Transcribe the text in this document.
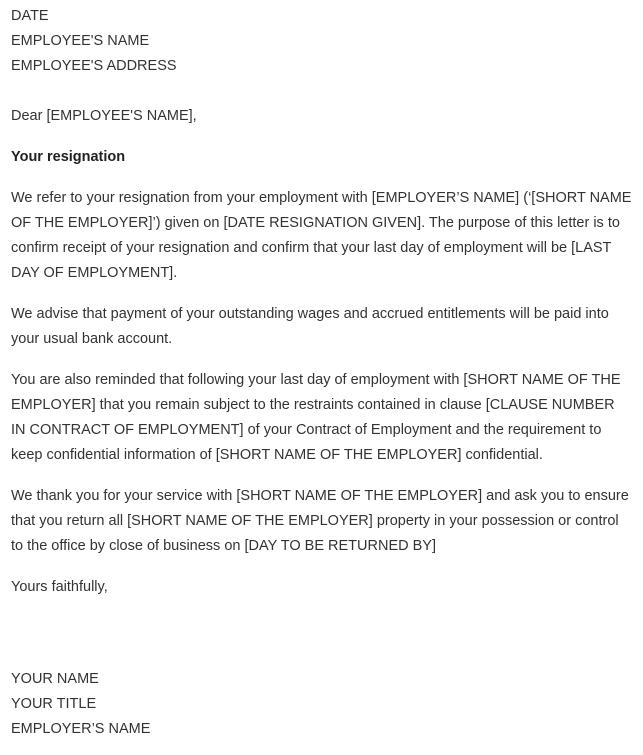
DATE

EMPLOYEE'S NAME

EMPLOYEE'S ADDRESS

Dear [EMPLOYEE'S NAME],

Your resignation

We refer to your resignation from your employment with [EMPLOYER’S NAME] (‘[SHORT NAME OF THE EMPLOYER]’) given on [DATE RESIGNATION GIVEN]. The purpose of this letter is to confirm receipt of your resignation and confirm that your last day of employment will be [LAST DAY OF EMPLOYMENT].

We advise that payment of your outstanding wages and accrued entitlements will be paid into your usual bank account.

You are also reminded that following your last day of employment with [SHORT NAME OF THE EMPLOYER] that you remain subject to the restraints contained in clause [CLAUSE NUMBER IN CONTRACT OF EMPLOYMENT] of your Contract of Employment and the requirement to keep confidential information of [SHORT NAME OF THE EMPLOYER] confidential.

We thank you for your service with [SHORT NAME OF THE EMPLOYER] and ask you to ensure that you return all [SHORT NAME OF THE EMPLOYER] property in your possession or control to the office by close of business on [DAY TO BE RETURNED BY]

Yours faithfully,

YOUR NAME

YOUR TITLE

EMPLOYER’S NAME
